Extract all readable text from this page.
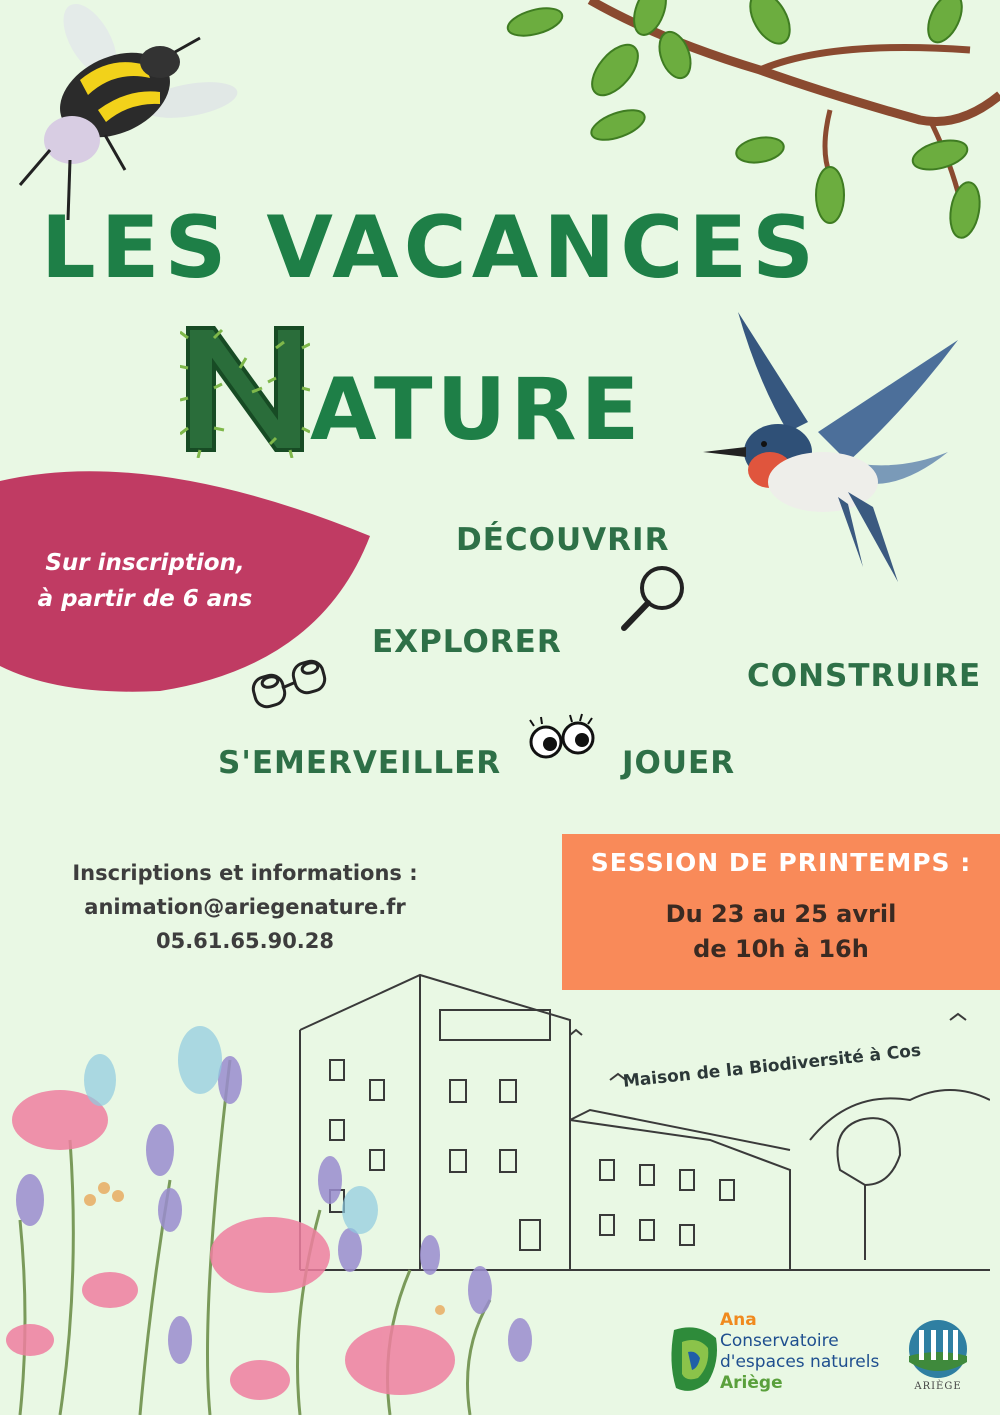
LES VACANCES
N
ATURE
Sur inscription,
à partir de 6 ans
DÉCOUVRIR
EXPLORER
CONSTRUIRE
S'EMERVEILLER	JOUER
Inscriptions et informations :
animation@ariegenature.fr
05.61.65.90.28
SESSION DE PRINTEMPS :
Du 23 au 25 avril
de 10h à 16h
Maison de la Biodiversité à Cos
Ana
Conservatoire
d'espaces naturels
Ariège	ARIÈGE
